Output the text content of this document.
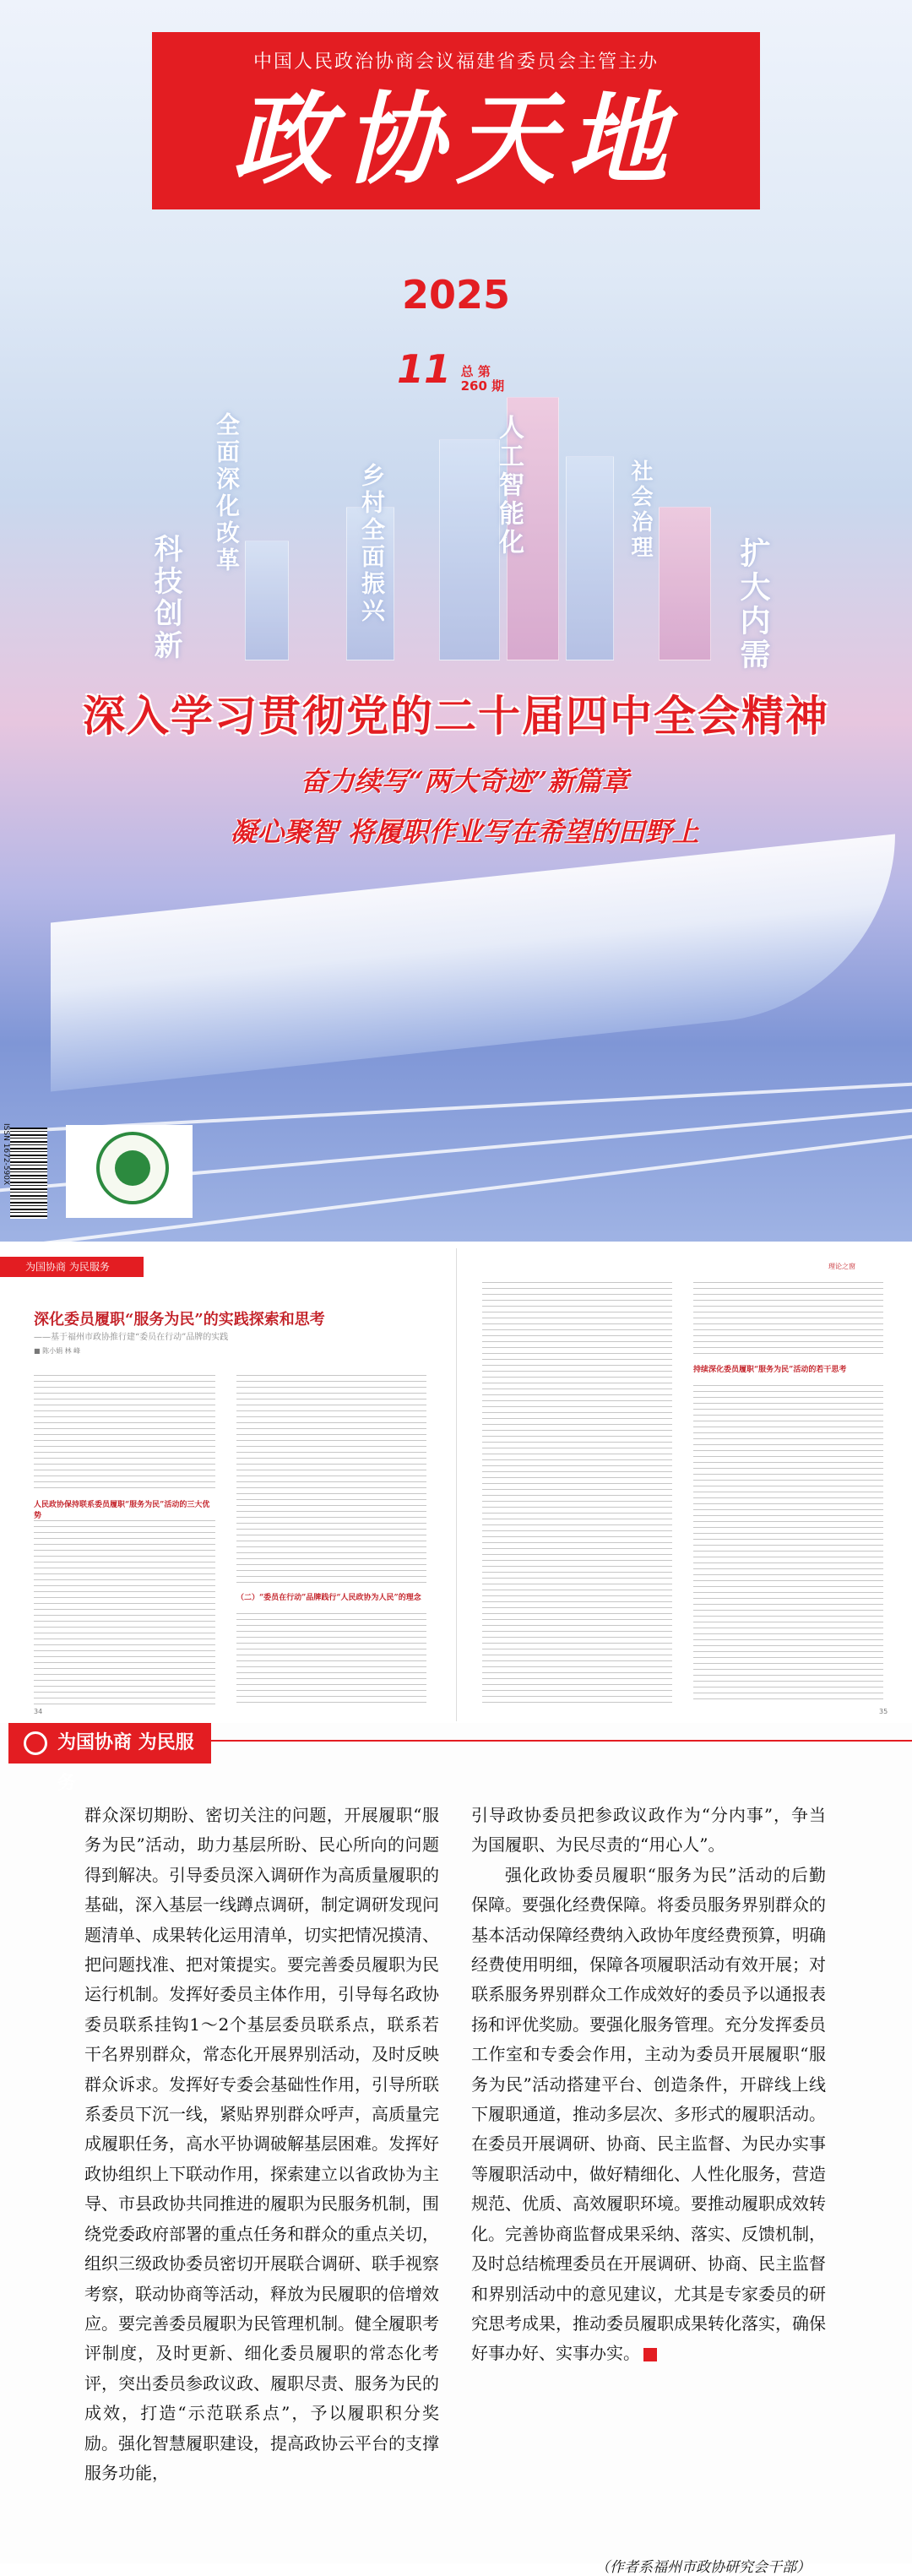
中国人民政治协商会议福建省委员会主管主办
政协天地
2025
11 总 第
260 期
科技创新
全面深化改革	乡村全面振兴	人工智能化	社会治理
扩大内需
深入学习贯彻党的二十届四中全会精神
奋力续写“两大奇迹”新篇章
凝心聚智 将履职作业写在希望的田野上
ISSN 1672-590X
为国协商 为民服务
深化委员履职“服务为民”的实践探索和思考
——基于福州市政协推行建“委员在行动”品牌的实践
■ 陈小娟 林 峰
人民政协保持联系委员履职“服务为民”活动的三大优势
（二）“委员在行动”品牌践行“人民政协为人民”的理念
34
理论之窗
持续深化委员履职“服务为民”活动的若干思考
35
为国协商 为民服务

群众深切期盼、密切关注的问题，开展履职“服务为民”活动，助力基层所盼、民心所向的问题得到解决。引导委员深入调研作为高质量履职的基础，深入基层一线蹲点调研，制定调研发现问题清单、成果转化运用清单，切实把情况摸清、把问题找准、把对策提实。要完善委员履职为民运行机制。发挥好委员主体作用，引导每名政协委员联系挂钩1～2个基层委员联系点，联系若干名界别群众，常态化开展界别活动，及时反映群众诉求。发挥好专委会基础性作用，引导所联系委员下沉一线，紧贴界别群众呼声，高质量完成履职任务，高水平协调破解基层困难。发挥好政协组织上下联动作用，探索建立以省政协为主导、市县政协共同推进的履职为民服务机制，围绕党委政府部署的重点任务和群众的重点关切，组织三级政协委员密切开展联合调研、联手视察考察，联动协商等活动，释放为民履职的倍增效应。要完善委员履职为民管理机制。健全履职考评制度，及时更新、细化委员履职的常态化考评，突出委员参政议政、履职尽责、服务为民的成效，打造“示范联系点”，予以履职积分奖励。强化智慧履职建设，提高政协云平台的支撑服务功能，

引导政协委员把参政议政作为“分内事”，争当为国履职、为民尽责的“用心人”。

强化政协委员履职“服务为民”活动的后勤保障。要强化经费保障。将委员服务界别群众的基本活动保障经费纳入政协年度经费预算，明确经费使用明细，保障各项履职活动有效开展；对联系服务界别群众工作成效好的委员予以通报表扬和评优奖励。要强化服务管理。充分发挥委员工作室和专委会作用，主动为委员开展履职“服务为民”活动搭建平台、创造条件，开辟线上线下履职通道，推动多层次、多形式的履职活动。在委员开展调研、协商、民主监督、为民办实事等履职活动中，做好精细化、人性化服务，营造规范、优质、高效履职环境。要推动履职成效转化。完善协商监督成果采纳、落实、反馈机制，及时总结梳理委员在开展调研、协商、民主监督和界别活动中的意见建议，尤其是专家委员的研究思考成果，推动委员履职成果转化落实，确保好事办好、实事办实。

（作者系福州市政协研究会干部）
